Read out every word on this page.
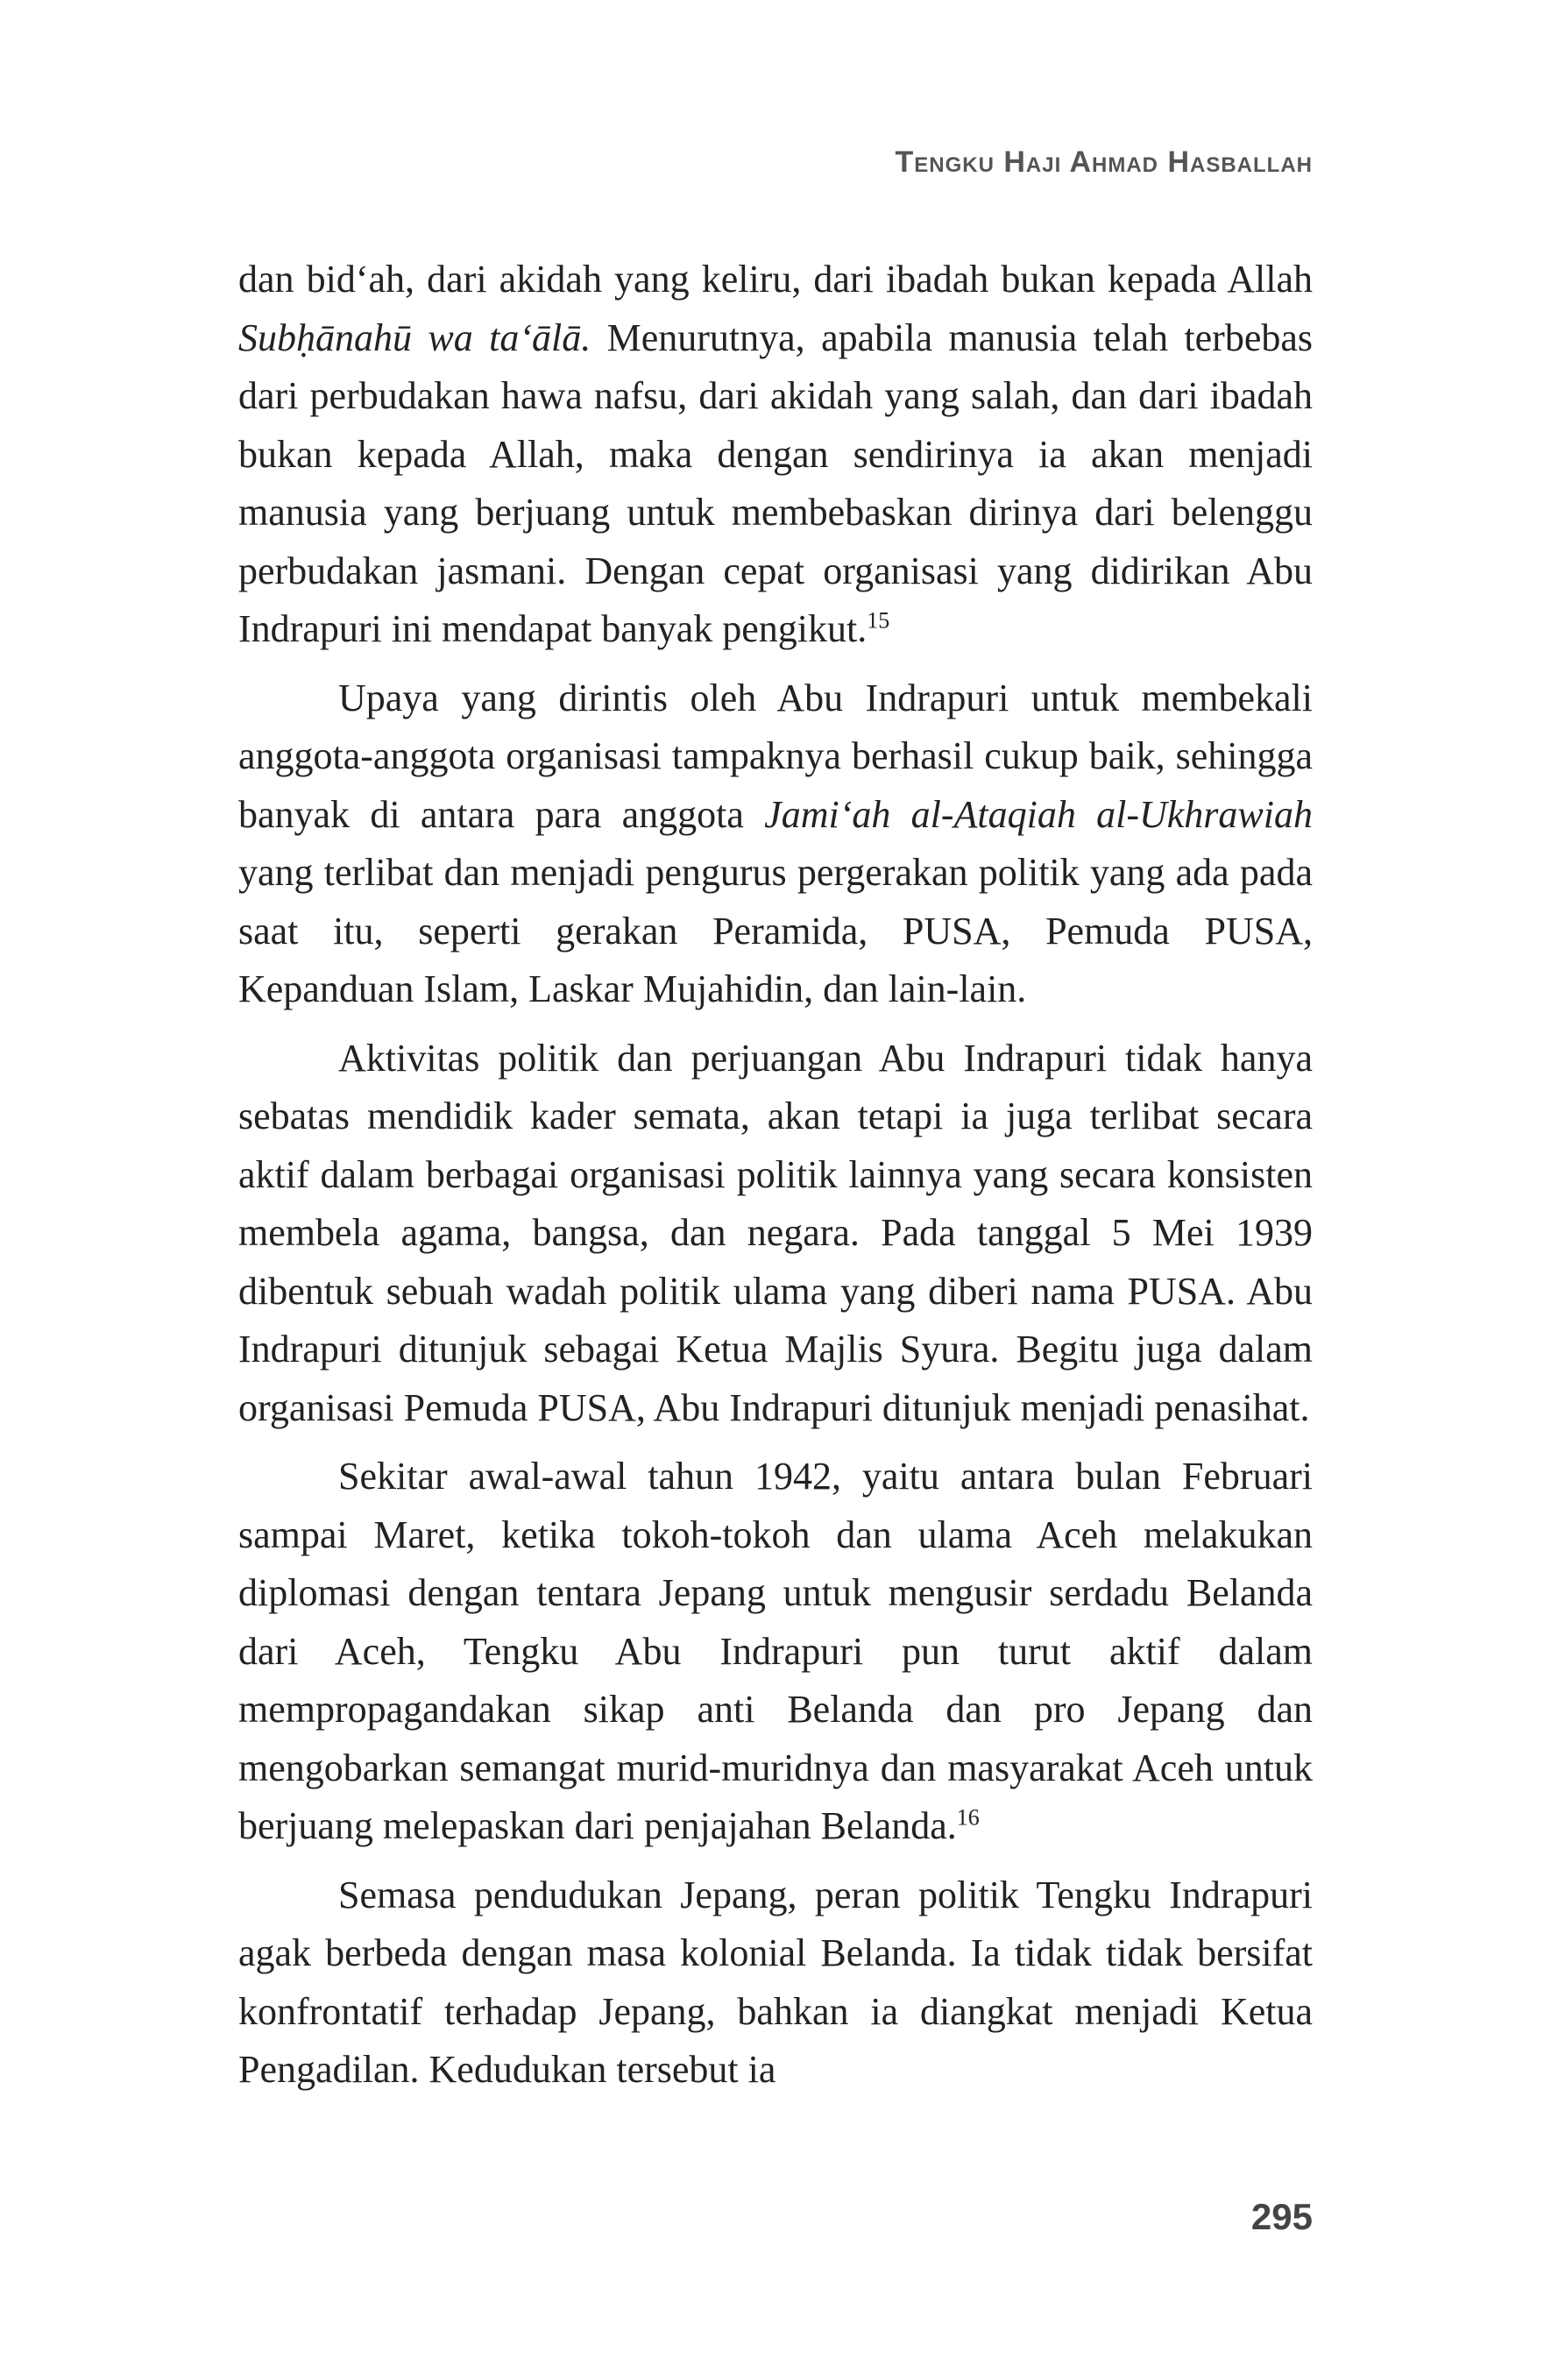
Tengku Haji Ahmad Hasballah

dan bid‘ah, dari akidah yang keliru, dari ibadah bukan kepada Allah Subḥānahū wa ta‘ālā. Menurutnya, apabila manusia telah terbebas dari perbudakan hawa nafsu, dari akidah yang salah, dan dari ibadah bukan kepada Allah, maka dengan sendirinya ia akan menjadi manusia yang berjuang untuk membebaskan dirinya dari belenggu perbudakan jasmani. Dengan cepat organisasi yang didirikan Abu Indrapuri ini mendapat banyak pengikut.$^{15}$

Upaya yang dirintis oleh Abu Indrapuri untuk membekali anggota-anggota organisasi tampaknya berhasil cukup baik, sehingga banyak di antara para anggota Jami‘ah al-Ataqiah al-Ukhrawiah yang terlibat dan menjadi pengurus pergerakan politik yang ada pada saat itu, seperti gerakan Peramida, PUSA, Pemuda PUSA, Kepanduan Islam, Laskar Mujahidin, dan lain-lain.

Aktivitas politik dan perjuangan Abu Indrapuri tidak hanya sebatas mendidik kader semata, akan tetapi ia juga terlibat secara aktif dalam berbagai organisasi politik lainnya yang secara konsisten membela agama, bangsa, dan negara. Pada tanggal 5 Mei 1939 dibentuk sebuah wadah politik ulama yang diberi nama PUSA. Abu Indrapuri ditunjuk sebagai Ketua Majlis Syura. Begitu juga dalam organisasi Pemuda PUSA, Abu Indrapuri ditunjuk menjadi penasihat.

Sekitar awal-awal tahun 1942, yaitu antara bulan Februari sampai Maret, ketika tokoh-tokoh dan ulama Aceh melakukan diplomasi dengan tentara Jepang untuk mengusir serdadu Belanda dari Aceh, Tengku Abu Indrapuri pun turut aktif dalam mempropagandakan sikap anti Belanda dan pro Jepang dan mengobarkan semangat murid-muridnya dan masyarakat Aceh untuk berjuang melepaskan dari penjajahan Belanda.$^{16}$

Semasa pendudukan Jepang, peran politik Tengku Indrapuri agak berbeda dengan masa kolonial Belanda. Ia tidak tidak bersifat konfrontatif terhadap Jepang, bahkan ia diangkat menjadi Ketua Pengadilan. Kedudukan tersebut ia

295
